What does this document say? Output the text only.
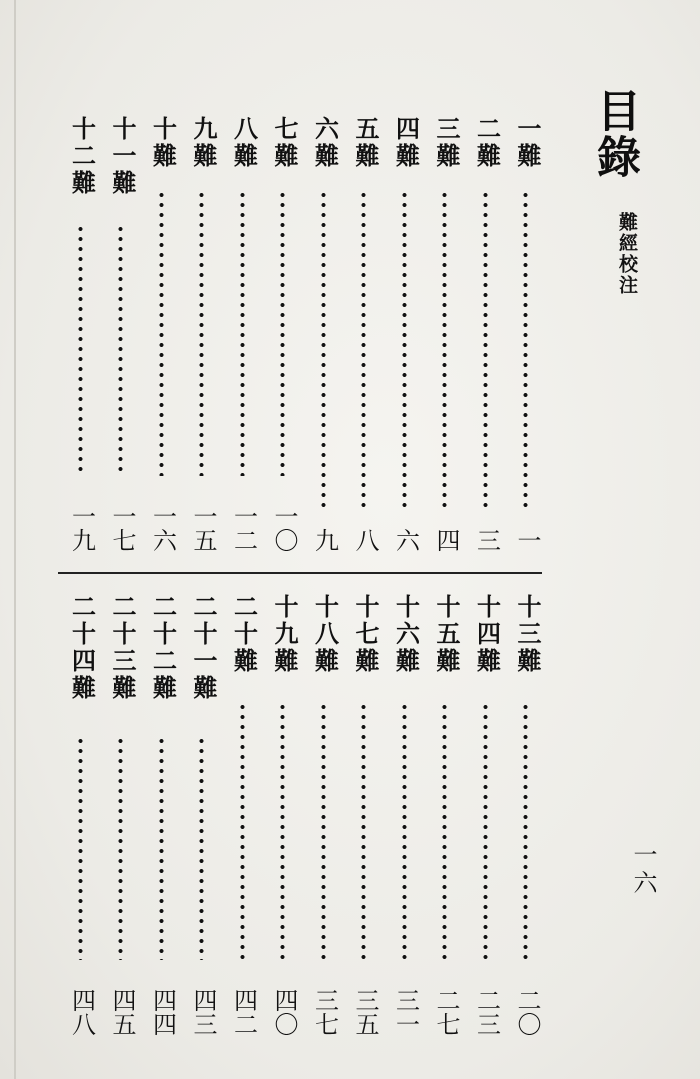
目錄
難經校注
一六
一難
一
二難
三
三難
四
四難
六
五難
八
六難
九
七難
一〇
八難
一二
九難
一五
十難
一六
十一難
一七
十二難
一九
十三難
二〇
十四難
二三
十五難
二七
十六難
三一
十七難
三五
十八難
三七
十九難
四〇
二十難
四二
二十一難
四三
二十二難
四四
二十三難
四五
二十四難
四八
